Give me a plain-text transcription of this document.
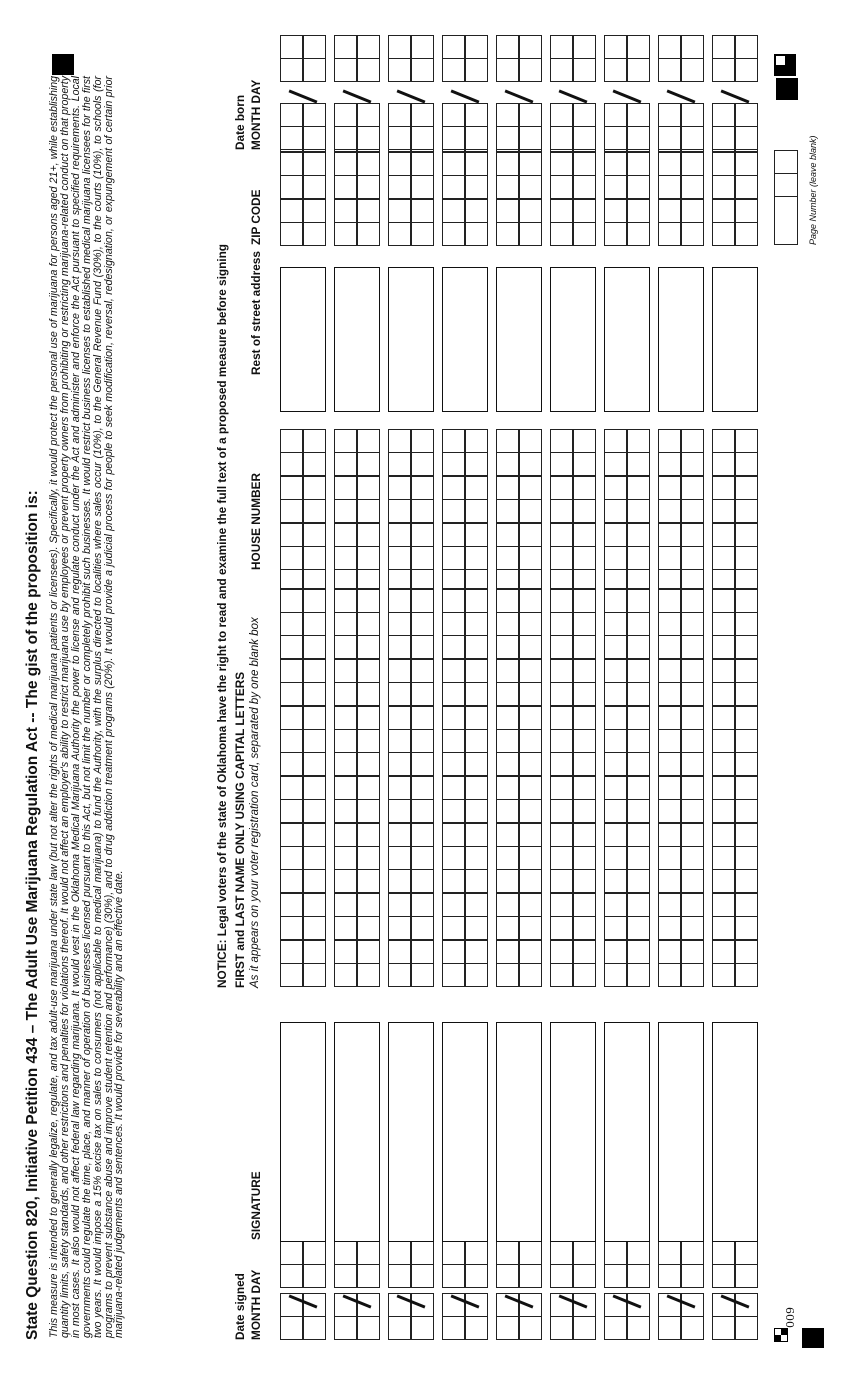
009
State Question 820, Initiative Petition 434 – The Adult Use Marijuana Regulation Act -- The gist of the proposition is: This measure is intended to generally legalize, regulate, and tax adult-use marijuana under state law (but not alter the rights of medical marijuana patients or licensees). Specifically, it would protect the personal use of marijuana for persons aged 21+, while establishing quantity limits, safety standards, and other restrictions and penalties for violations thereof. It would not affect an employer's ability to restrict marijuana use by employees or prevent property owners from prohibiting or restricting marijuana-related conduct on that property in most cases. It also would not affect federal law regarding marijuana. It would vest in the Oklahoma Medical Marijuana Authority the power to license and regulate conduct under the Act and administer and enforce the Act pursuant to specified requirements. Local governments could regulate the time, place, and manner of operation of businesses licensed pursuant to this Act, but not limit the number or completely prohibit such businesses. It would restrict business licenses to established medical marijuana licensees for the first two years. It would impose a 15% excise tax on sales to consumers (not applicable to medical marijuana) to fund the Authority, with the surplus directed to localities where sales occur (10%), to the General Revenue Fund (30%), to the courts (10%), to schools (for programs to prevent substance abuse and improve student retention and performance) (30%), and to drug addiction treatment programs (20%). It would provide a judicial process for people to seek modification, reversal, redesignation, or expungement of certain prior marijuana-related judgements and sentences. It would provide for severability and an effective date.

NOTICE: Legal voters of the state of Oklahoma have the right to read and examine the full text of a proposed measure before signing
Date signed MONTH DAY
SIGNATURE
FIRST and LAST NAME ONLY USING CAPITAL LETTERS As it appears on your voter registration card, separated by one blank box
HOUSE NUMBER
Rest of street address
ZIP CODE
Date born MONTH DAY
Page Number (leave blank)
